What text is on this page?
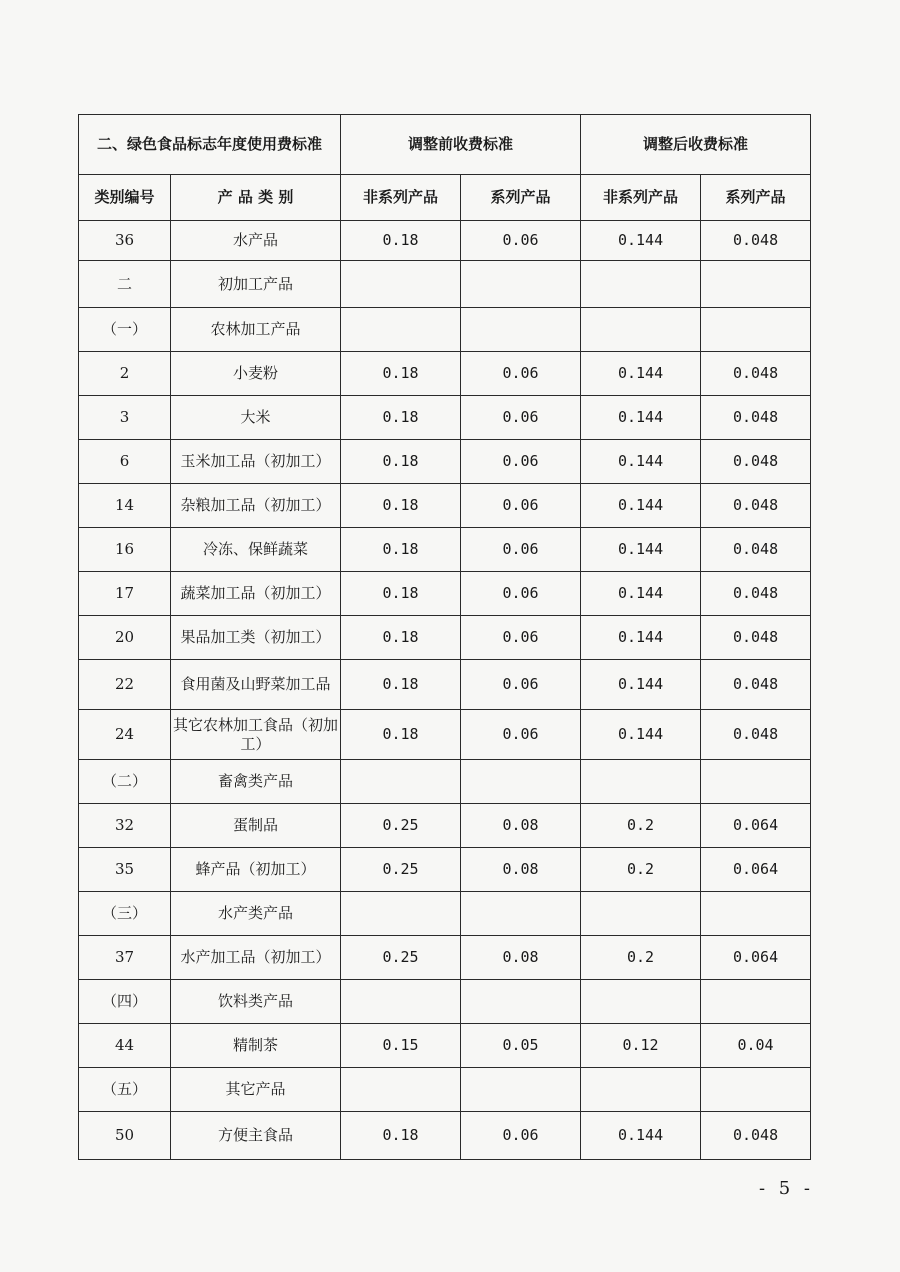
二、绿色食品标志年度使用费标准		调整前收费标准		调整后收费标准	
类别编号	产 品 类 别	非系列产品	系列产品	非系列产品	系列产品
36	水产品	0.18	0.06	0.144	0.048
二	初加工产品				
（一）	农林加工产品				
2	小麦粉	0.18	0.06	0.144	0.048
3	大米	0.18	0.06	0.144	0.048
6	玉米加工品（初加工）	0.18	0.06	0.144	0.048
14	杂粮加工品（初加工）	0.18	0.06	0.144	0.048
16	冷冻、保鲜蔬菜	0.18	0.06	0.144	0.048
17	蔬菜加工品（初加工）	0.18	0.06	0.144	0.048
20	果品加工类（初加工）	0.18	0.06	0.144	0.048
22	食用菌及山野菜加工品	0.18	0.06	0.144	0.048
24	其它农林加工食品（初加工）	0.18	0.06	0.144	0.048
（二）	畜禽类产品				
32	蛋制品	0.25	0.08	0.2	0.064
35	蜂产品（初加工）	0.25	0.08	0.2	0.064
（三）	水产类产品				
37	水产加工品（初加工）	0.25	0.08	0.2	0.064
（四）	饮料类产品				
44	精制茶	0.15	0.05	0.12	0.04
（五）	其它产品				
50	方便主食品	0.18	0.06	0.144	0.048
- 5 -
